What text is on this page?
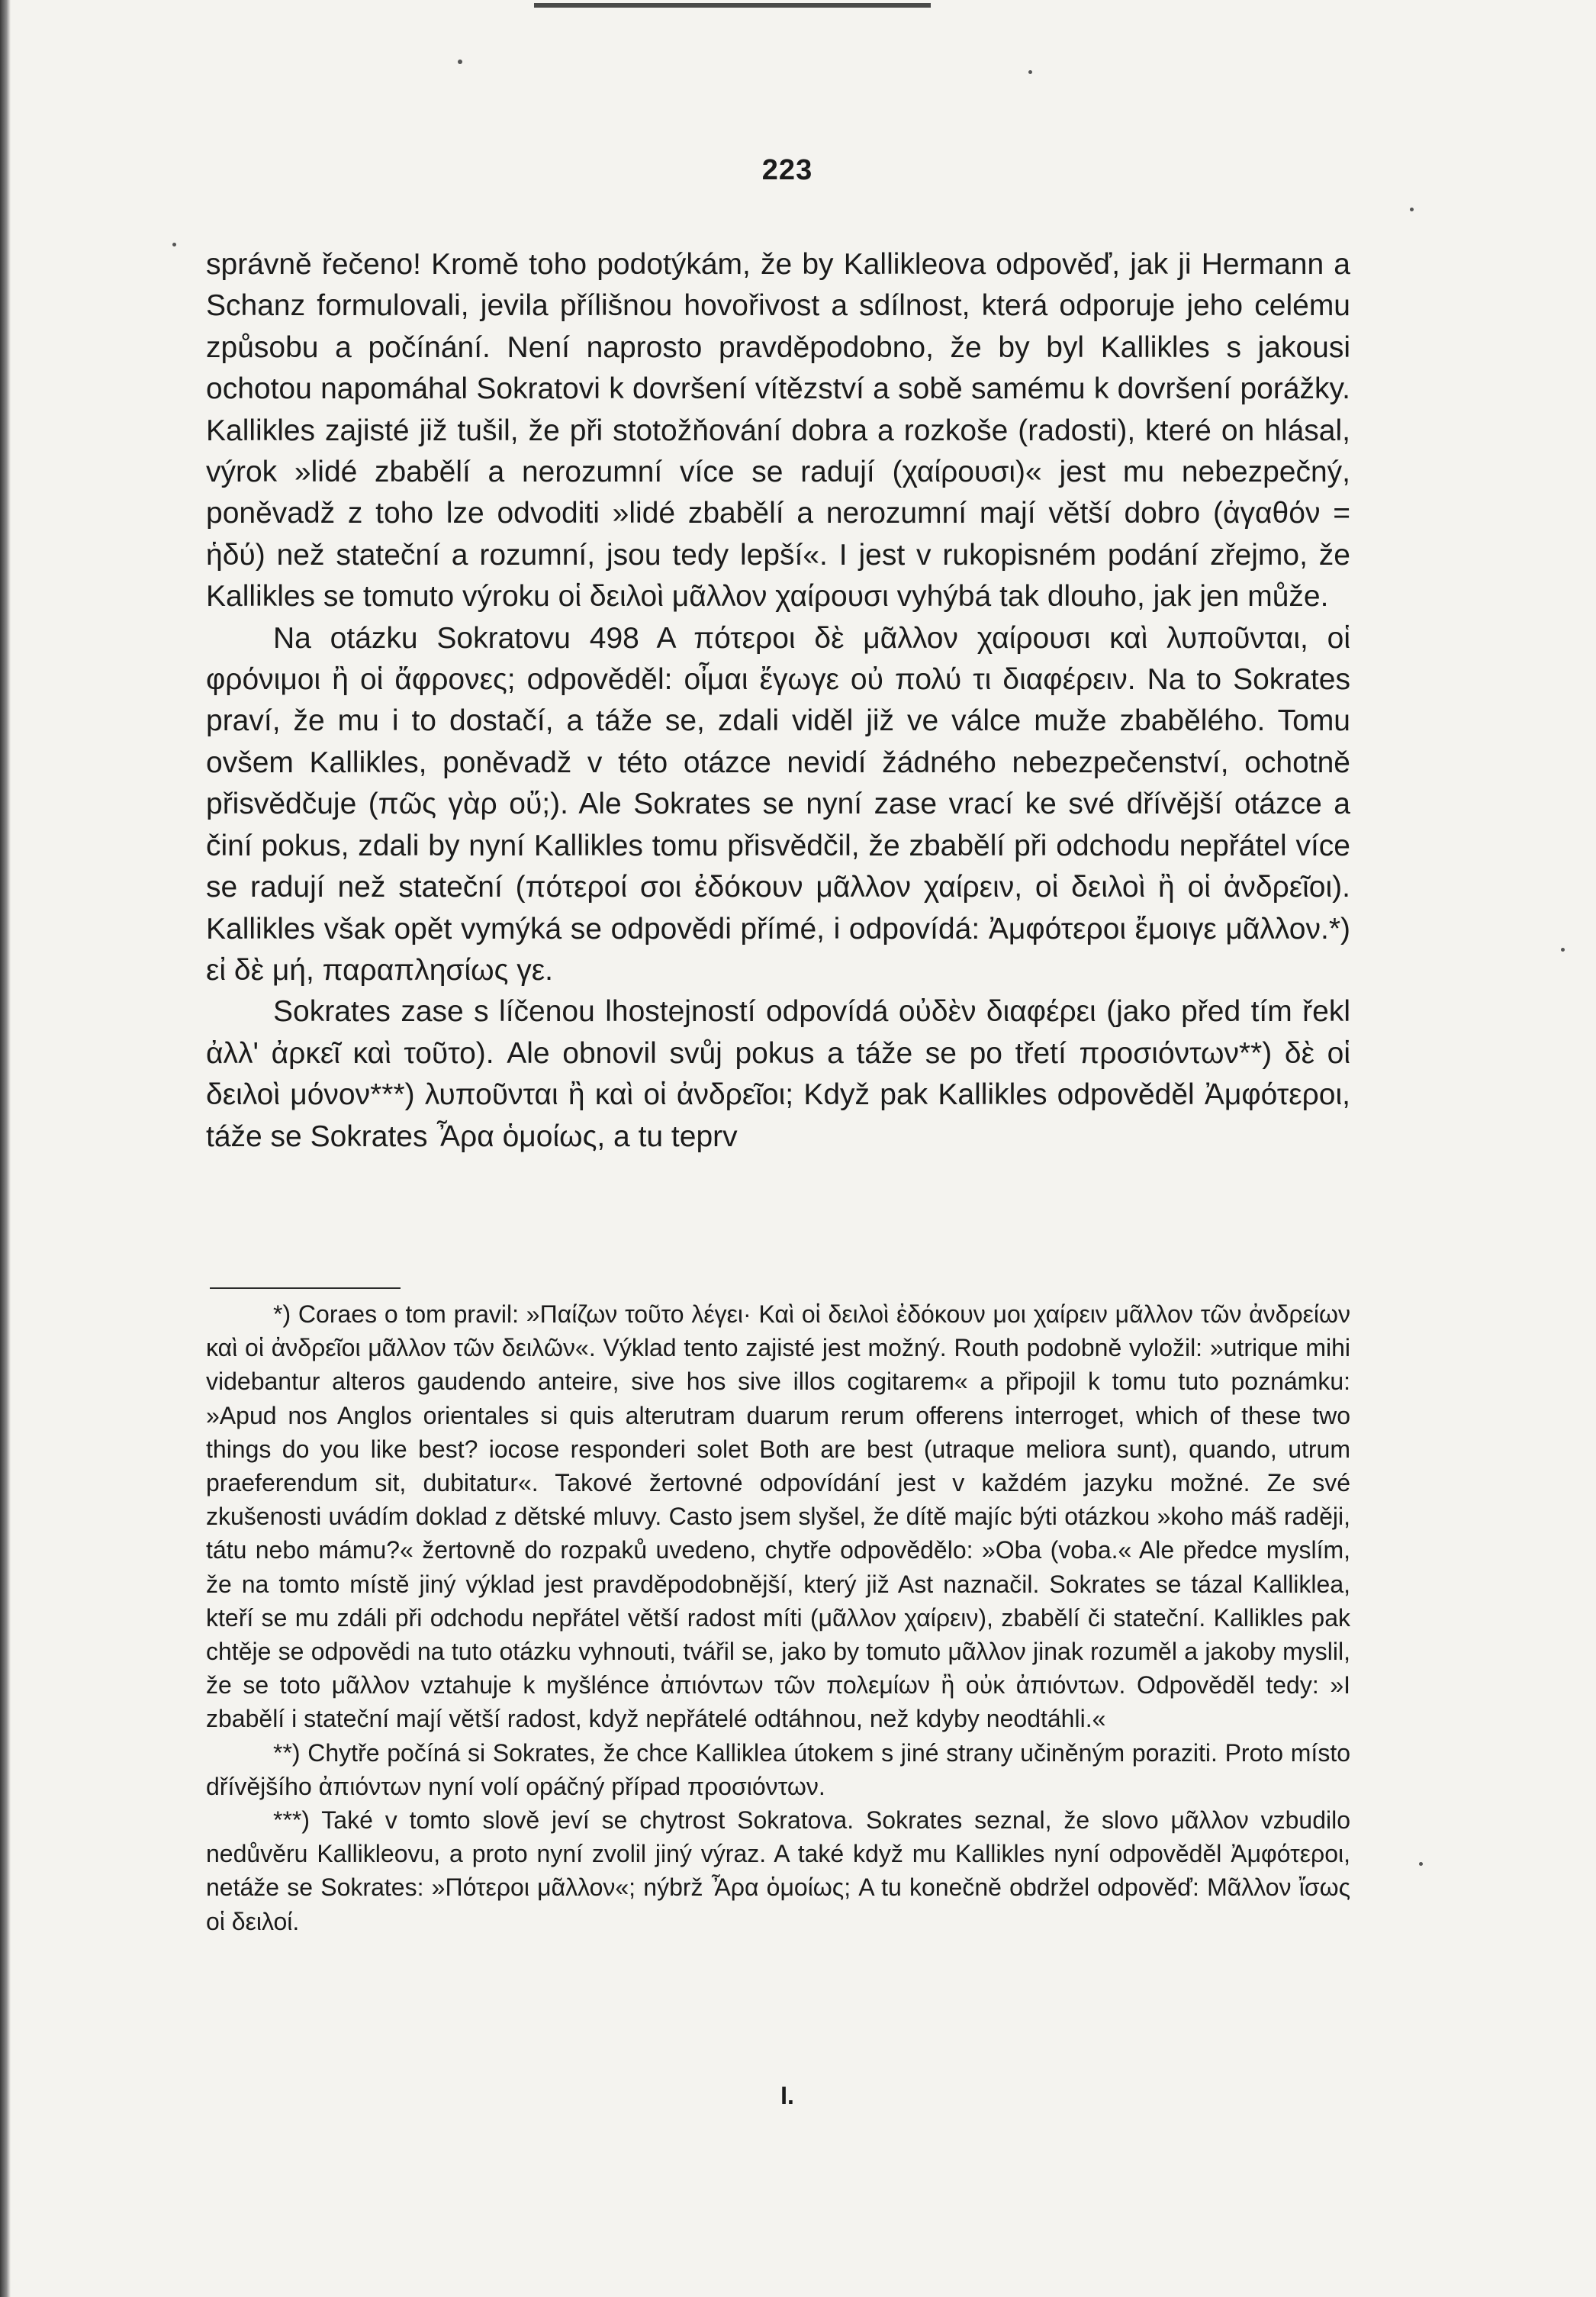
223

správně řečeno! Kromě toho podotýkám, že by Kallikleova odpověď, jak ji Hermann a Schanz formulovali, jevila přílišnou hovořivost a sdílnost, která odporuje jeho celému způsobu a počínání. Není naprosto pravděpodobno, že by byl Kallikles s jakousi ochotou napomáhal Sokratovi k dovršení vítězství a sobě samému k dovršení porážky. Kallikles zajisté již tušil, že při stotožňování dobra a rozkoše (radosti), které on hlásal, výrok »lidé zbabělí a nerozumní více se radují (χαίρουσι)« jest mu nebezpečný, poněvadž z toho lze odvoditi »lidé zbabělí a nerozumní mají větší dobro (ἀγαθόν = ἡδύ) než stateční a rozumní, jsou tedy lepší«. I jest v rukopisném podání zřejmo, že Kallikles se tomuto výroku οἱ δειλοὶ μᾶλλον χαίρουσι vyhýbá tak dlouho, jak jen může.

Na otázku Sokratovu 498 A πότεροι δὲ μᾶλλον χαίρουσι καὶ λυποῦνται, οἱ φρόνιμοι ἢ οἱ ἄφρονες; odpověděl: οἶμαι ἔγωγε οὐ πολύ τι διαφέρειν. Na to Sokrates praví, že mu i to dostačí, a táže se, zdali viděl již ve válce muže zbabělého. Tomu ovšem Kallikles, poněvadž v této otázce nevidí žádného nebezpečenství, ochotně přisvědčuje (πῶς γὰρ οὔ;). Ale Sokrates se nyní zase vrací ke své dřívější otázce a činí pokus, zdali by nyní Kallikles tomu přisvědčil, že zbabělí při odchodu nepřátel více se radují než stateční (πότεροί σοι ἐδόκουν μᾶλλον χαίρειν, οἱ δειλοὶ ἢ οἱ ἀνδρεῖοι). Kallikles však opět vymýká se odpovědi přímé, i odpovídá: Ἀμφότεροι ἔμοιγε μᾶλλον.*) εἰ δὲ μή, παραπλησίως γε.

Sokrates zase s líčenou lhostejností odpovídá οὐδὲν διαφέρει (jako před tím řekl ἀλλ' ἀρκεῖ καὶ τοῦτο). Ale obnovil svůj pokus a táže se po třetí προσιόντων**) δὲ οἱ δειλοὶ μόνον***) λυποῦνται ἢ καὶ οἱ ἀνδρεῖοι; Když pak Kallikles odpověděl Ἀμφότεροι, táže se Sokrates Ἆρα ὁμοίως, a tu teprv

*) Coraes o tom pravil: »Παίζων τοῦτο λέγει· Καὶ οἱ δειλοὶ ἐδόκουν μοι χαίρειν μᾶλλον τῶν ἀνδρείων καὶ οἱ ἀνδρεῖοι μᾶλλον τῶν δειλῶν«. Výklad tento zajisté jest možný. Routh podobně vyložil: »utrique mihi videbantur alteros gaudendo anteire, sive hos sive illos cogitarem« a připojil k tomu tuto poznámku: »Apud nos Anglos orientales si quis alterutram duarum rerum offerens interroget, which of these two things do you like best? iocose responderi solet Both are best (utraque meliora sunt), quando, utrum praeferendum sit, dubitatur«. Takové žertovné odpovídání jest v každém jazyku možné. Ze své zkušenosti uvádím doklad z dětské mluvy. Casto jsem slyšel, že dítě majíc býti otázkou »koho máš raději, tátu nebo mámu?« žertovně do rozpaků uvedeno, chytře odpovědělo: »Oba (voba.« Ale předce myslím, že na tomto místě jiný výklad jest pravděpodobnější, který již Ast naznačil. Sokrates se tázal Kalliklea, kteří se mu zdáli při odchodu nepřátel větší radost míti (μᾶλλον χαίρειν), zbabělí či stateční. Kallikles pak chtěje se odpovědi na tuto otázku vyhnouti, tvářil se, jako by tomuto μᾶλλον jinak rozuměl a jakoby myslil, že se toto μᾶλλον vztahuje k myšlénce ἀπιόντων τῶν πολεμίων ἢ οὐκ ἀπιόντων. Odpověděl tedy: »I zbabělí i stateční mají větší radost, když nepřátelé odtáhnou, než kdyby neodtáhli.«

**) Chytře počíná si Sokrates, že chce Kalliklea útokem s jiné strany učiněným poraziti. Proto místo dřívějšího ἀπιόντων nyní volí opáčný případ προσιόντων.

***) Také v tomto slově jeví se chytrost Sokratova. Sokrates seznal, že slovo μᾶλλον vzbudilo nedůvěru Kallikleovu, a proto nyní zvolil jiný výraz. A také když mu Kallikles nyní odpověděl Ἀμφότεροι, netáže se Sokrates: »Πότεροι μᾶλλον«; nýbrž Ἆρα ὁμοίως; A tu konečně obdržel odpověď: Μᾶλλον ἴσως οἱ δειλοί.

I.
